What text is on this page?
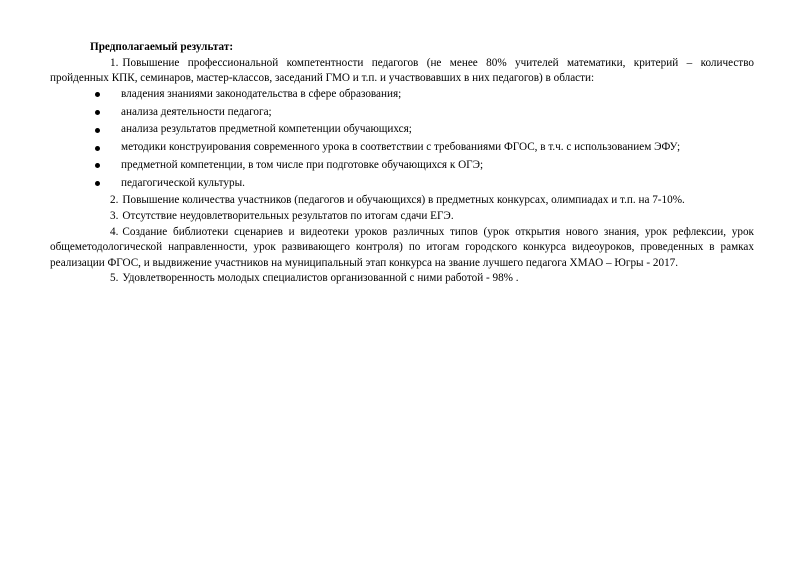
Предполагаемый результат:

1. Повышение профессиональной компетентности педагогов (не менее 80% учителей математики, критерий – количество пройденных КПК, семинаров, мастер-классов, заседаний ГМО и т.п. и участвовавших в них педагогов) в области:

владения знаниями законодательства в сфере образования;
анализа деятельности педагога;
анализа результатов предметной компетенции обучающихся;
методики конструирования современного урока в соответствии с требованиями ФГОС, в т.ч. с использованием ЭФУ;
предметной компетенции, в том числе при подготовке обучающихся к ОГЭ;
педагогической культуры.

2. Повышение количества участников (педагогов и обучающихся) в предметных конкурсах, олимпиадах и т.п. на 7-10%.

3. Отсутствие неудовлетворительных результатов по итогам сдачи ЕГЭ.

4. Создание библиотеки сценариев и видеотеки уроков различных типов (урок открытия нового знания, урок рефлексии, урок общеметодологической направленности, урок развивающего контроля) по итогам городского конкурса видеоуроков, проведенных в рамках реализации ФГОС, и выдвижение участников на муниципальный этап конкурса на звание лучшего педагога ХМАО – Югры - 2017.

5. Удовлетворенность молодых специалистов организованной с ними работой - 98% .
